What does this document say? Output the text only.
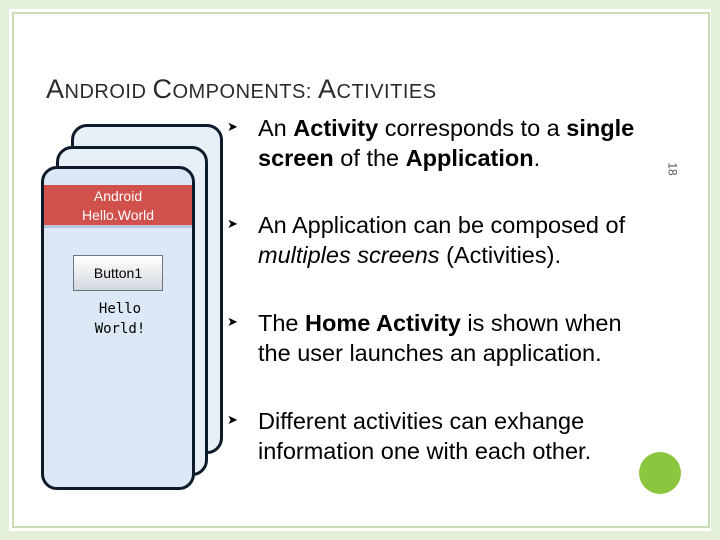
ANDROID COMPONENTS: ACTIVITIES
18
Android
Hello.World
Button1
Hello
World!
➤ An Activity corresponds to a single
screen of the Application.
➤ An Application can be composed of
multiples screens (Activities).
➤ The Home Activity is shown when
the user launches an application.
➤ Different activities can exhange
information one with each other.
